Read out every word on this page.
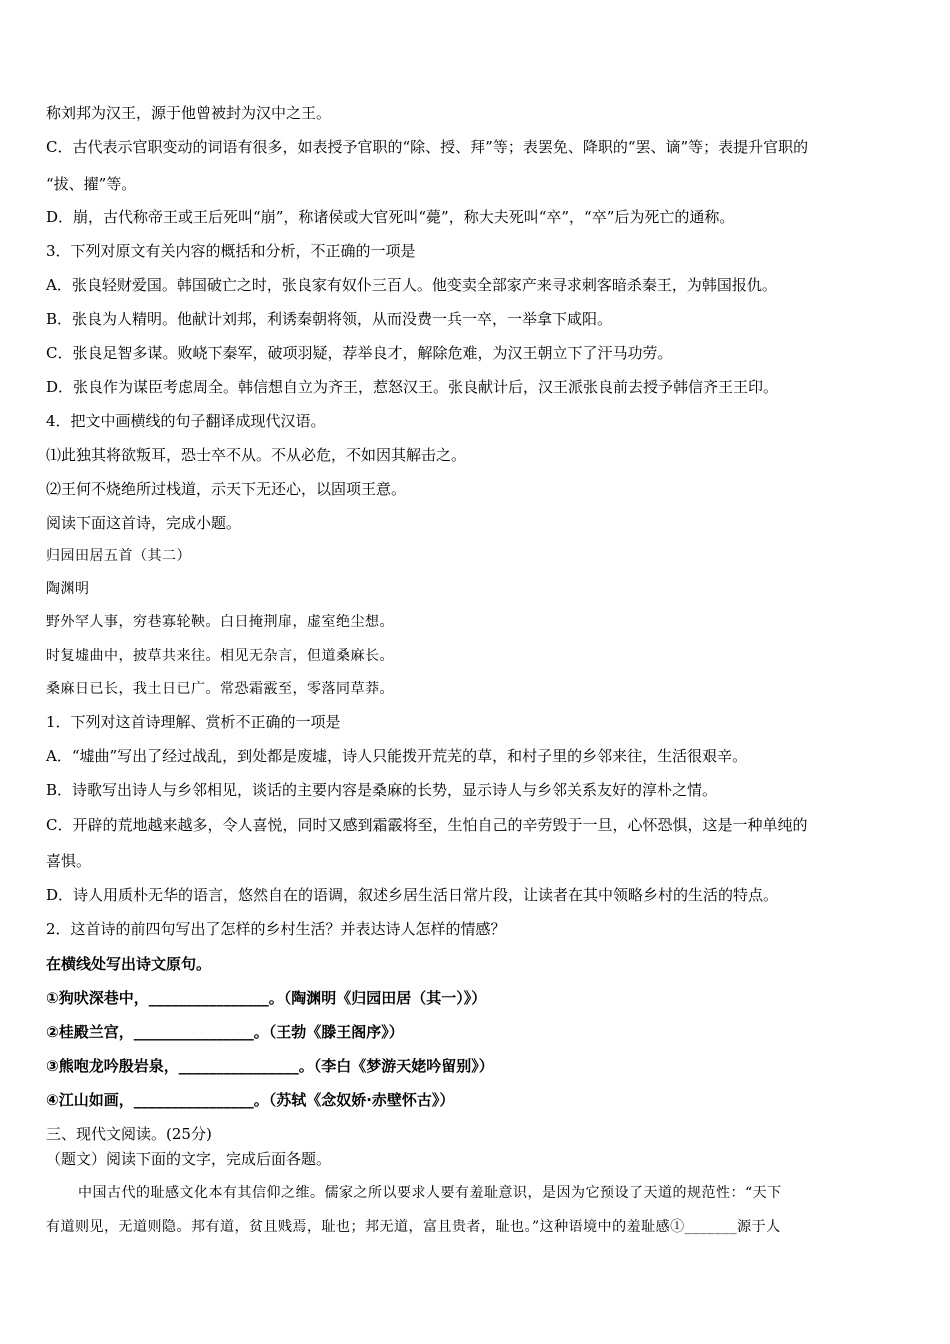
称刘邦为汉王，源于他曾被封为汉中之王。
C．古代表示官职变动的词语有很多，如表授予官职的“除、授、拜”等；表罢免、降职的“罢、谪”等；表提升官职的
“拔、擢”等。
D．崩，古代称帝王或王后死叫“崩”，称诸侯或大官死叫“薨”，称大夫死叫“卒”，“卒”后为死亡的通称。
3．下列对原文有关内容的概括和分析，不正确的一项是
A．张良轻财爱国。韩国破亡之时，张良家有奴仆三百人。他变卖全部家产来寻求刺客暗杀秦王，为韩国报仇。
B．张良为人精明。他献计刘邦，利诱秦朝将领，从而没费一兵一卒，一举拿下咸阳。
C．张良足智多谋。败峣下秦军，破项羽疑，荐举良才，解除危难，为汉王朝立下了汗马功劳。
D．张良作为谋臣考虑周全。韩信想自立为齐王，惹怒汉王。张良献计后，汉王派张良前去授予韩信齐王王印。
4．把文中画横线的句子翻译成现代汉语。
⑴此独其将欲叛耳，恐士卒不从。不从必危，不如因其解击之。
⑵王何不烧绝所过栈道，示天下无还心，以固项王意。
阅读下面这首诗，完成小题。
归园田居五首（其二）
陶渊明
野外罕人事，穷巷寡轮鞅。白日掩荆扉，虚室绝尘想。
时复墟曲中，披草共来往。相见无杂言，但道桑麻长。
桑麻日已长，我土日已广。常恐霜霰至，零落同草莽。
1．下列对这首诗理解、赏析不正确的一项是
A．“墟曲”写出了经过战乱，到处都是废墟，诗人只能拨开荒芜的草，和村子里的乡邻来往，生活很艰辛。
B．诗歌写出诗人与乡邻相见，谈话的主要内容是桑麻的长势，显示诗人与乡邻关系友好的淳朴之情。
C．开辟的荒地越来越多，令人喜悦，同时又感到霜霰将至，生怕自己的辛劳毁于一旦，心怀恐惧，这是一种单纯的
喜惧。
D．诗人用质朴无华的语言，悠然自在的语调，叙述乡居生活日常片段，让读者在其中领略乡村的生活的特点。
2．这首诗的前四句写出了怎样的乡村生活？并表达诗人怎样的情感？
在横线处写出诗文原句。
①狗吠深巷中，________________。（陶渊明《归园田居（其一）》）
②桂殿兰宫，________________。（王勃《滕王阁序》）
③熊咆龙吟殷岩泉，________________。（李白《梦游天姥吟留别》）
④江山如画，________________。（苏轼《念奴娇·赤壁怀古》）
三、现代文阅读。(25分)
（题文）阅读下面的文字，完成后面各题。
中国古代的耻感文化本有其信仰之维。儒家之所以要求人要有羞耻意识，是因为它预设了天道的规范性：“天下
有道则见，无道则隐。邦有道，贫且贱焉，耻也；邦无道，富且贵者，耻也。”这种语境中的羞耻感①_______源于人
